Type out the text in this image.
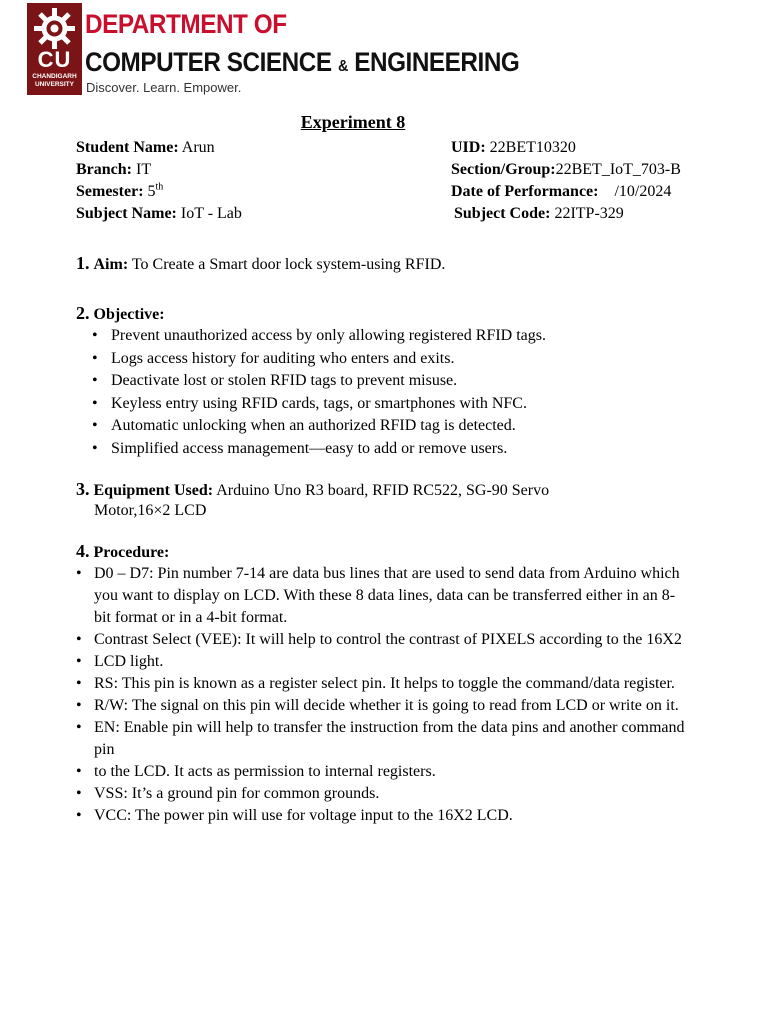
CU
CHANDIGARH UNIVERSITY
DEPARTMENT OF
COMPUTER SCIENCE & ENGINEERING
Discover. Learn. Empower.
Experiment 8
Student Name: Arun	UID: 22BET10320
Branch: IT	Section/Group:22BET_IoT_703-B
Semester: 5th	Date of Performance: /10/2024
Subject Name: IoT - Lab	Subject Code: 22ITP-329
1. Aim: To Create a Smart door lock system-using RFID.
2. Objective:
• Prevent unauthorized access by only allowing registered RFID tags.
• Logs access history for auditing who enters and exits.
• Deactivate lost or stolen RFID tags to prevent misuse.
• Keyless entry using RFID cards, tags, or smartphones with NFC.
• Automatic unlocking when an authorized RFID tag is detected.
• Simplified access management—easy to add or remove users.
3. Equipment Used: Arduino Uno R3 board, RFID RC522, SG-90 Servo
Motor,16×2 LCD
4. Procedure:
• D0 – D7: Pin number 7-14 are data bus lines that are used to send data from Arduino which you want to display on LCD. With these 8 data lines, data can be transferred either in an 8-bit format or in a 4-bit format.
• Contrast Select (VEE): It will help to control the contrast of PIXELS according to the 16X2
• LCD light.
• RS: This pin is known as a register select pin. It helps to toggle the command/data register.
• R/W: The signal on this pin will decide whether it is going to read from LCD or write on it.
• EN: Enable pin will help to transfer the instruction from the data pins and another command pin
• to the LCD. It acts as permission to internal registers.
• VSS: It’s a ground pin for common grounds.
• VCC: The power pin will use for voltage input to the 16X2 LCD.
